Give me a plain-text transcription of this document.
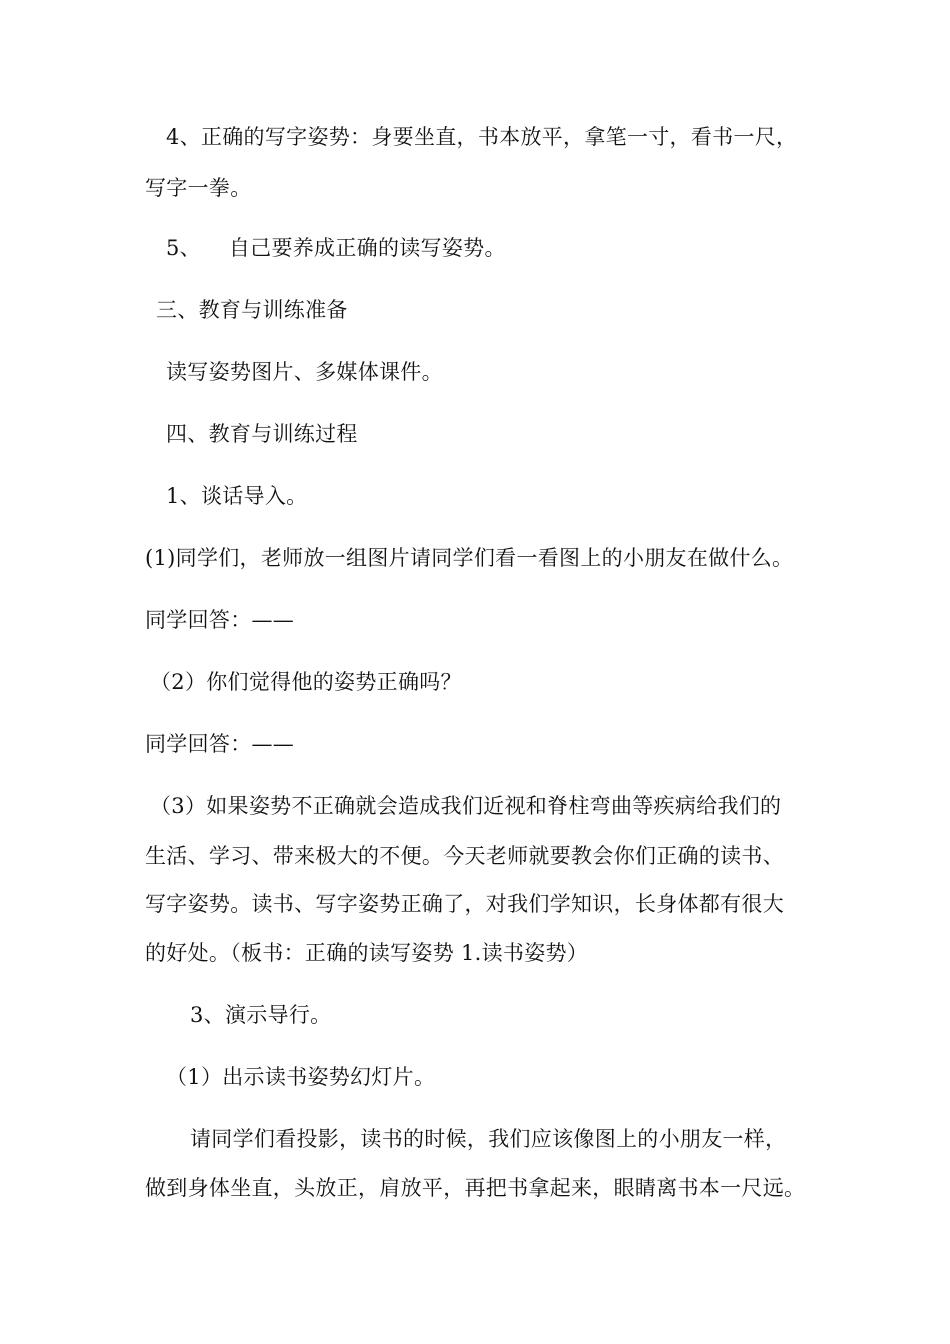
4、正确的写字姿势：身要坐直，书本放平，拿笔一寸，看书一尺，
写字一拳。
5、    自己要养成正确的读写姿势。
三、教育与训练准备
读写姿势图片、多媒体课件。
四、教育与训练过程
1、谈话导入。
(1)同学们，老师放一组图片请同学们看一看图上的小朋友在做什么。
同学回答：——
（2）你们觉得他的姿势正确吗？
同学回答：——
（3）如果姿势不正确就会造成我们近视和脊柱弯曲等疾病给我们的
生活、学习、带来极大的不便。今天老师就要教会你们正确的读书、
写字姿势。读书、写字姿势正确了，对我们学知识，长身体都有很大
的好处。（板书：正确的读写姿势 1.读书姿势）
3、演示导行。
（1）出示读书姿势幻灯片。
请同学们看投影，读书的时候，我们应该像图上的小朋友一样，
做到身体坐直，头放正，肩放平，再把书拿起来，眼睛离书本一尺远。
